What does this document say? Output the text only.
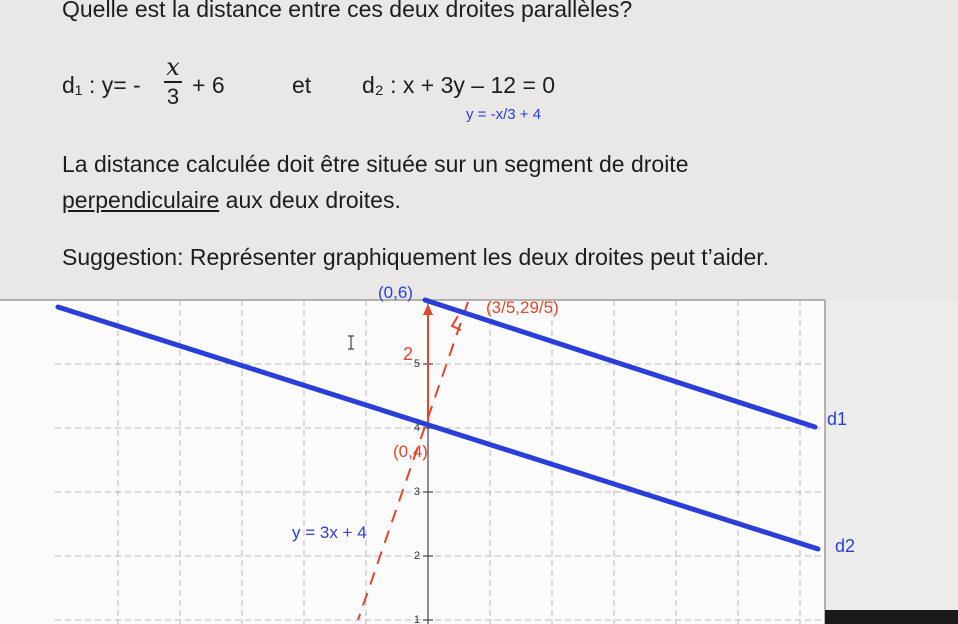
Quelle est la distance entre ces deux droites parallèles?
d₁ : y= -
x
3 + 6	et d₂ : x + 3y – 12 = 0
y = -x/3 + 4
La distance calculée doit être située sur un segment de droite
perpendiculaire aux deux droites.
Suggestion: Représenter graphiquement les deux droites peut t’aider.
1
2
3
4
5
(0,6)
(3/5,29/5)
2
(0,4)
d1
d2
y = 3x + 4
